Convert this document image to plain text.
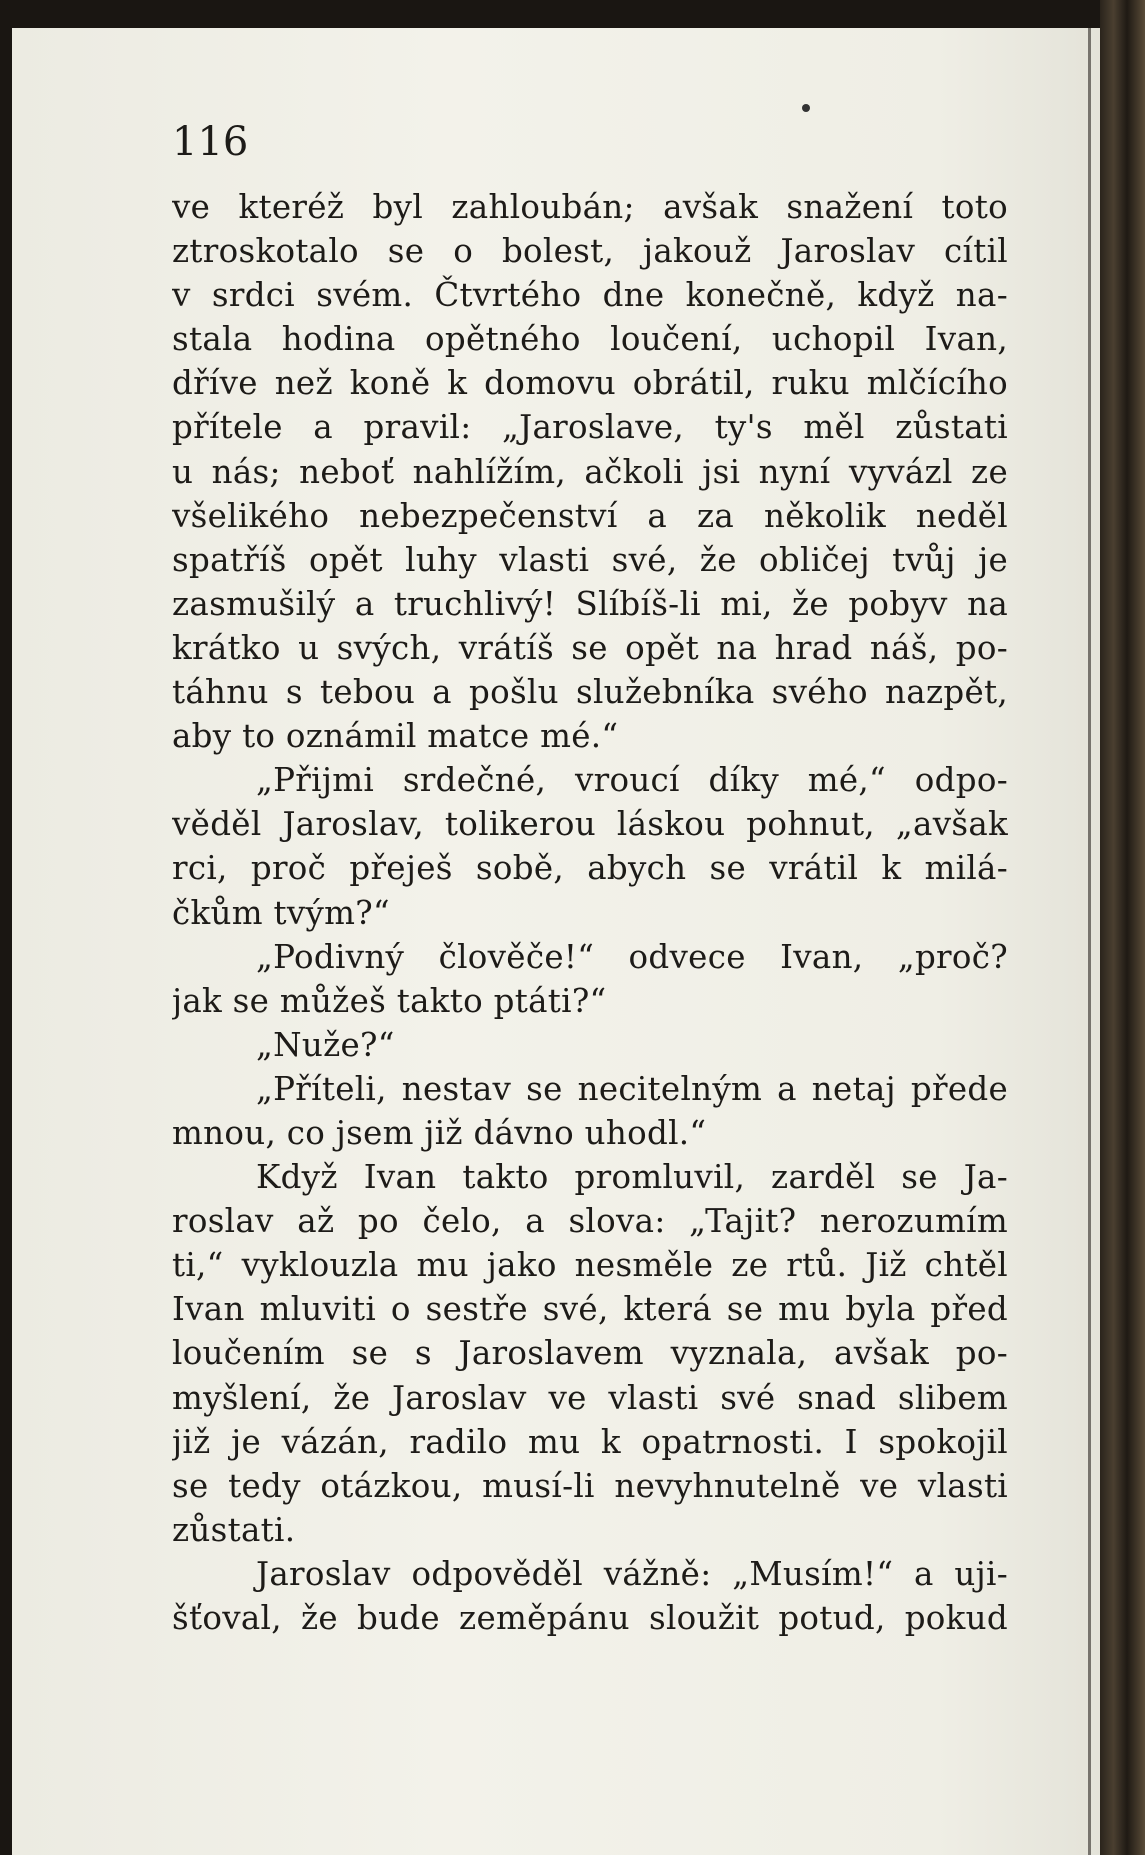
116
ve kteréž byl zahloubán; avšak snažení toto
ztroskotalo se o bolest, jakouž Jaroslav cítil
v srdci svém. Čtvrtého dne konečně, když na-
stala hodina opětného loučení, uchopil Ivan,
dříve než koně k domovu obrátil, ruku mlčícího
přítele a pravil: „Jaroslave, ty's měl zůstati
u nás; neboť nahlížím, ačkoli jsi nyní vyvázl ze
všelikého nebezpečenství a za několik neděl
spatříš opět luhy vlasti své, že obličej tvůj je
zasmušilý a truchlivý! Slíbíš-li mi, že pobyv na
krátko u svých, vrátíš se opět na hrad náš, po-
táhnu s tebou a pošlu služebníka svého nazpět,
aby to oznámil matce mé.“
„Přijmi srdečné, vroucí díky mé,“ odpo-
věděl Jaroslav, tolikerou láskou pohnut, „avšak
rci, proč přeješ sobě, abych se vrátil k milá-
čkům tvým?“
„Podivný člověče!“ odvece Ivan, „proč?
jak se můžeš takto ptáti?“
„Nuže?“
„Příteli, nestav se necitelným a netaj přede
mnou, co jsem již dávno uhodl.“
Když Ivan takto promluvil, zarděl se Ja-
roslav až po čelo, a slova: „Tajit? nerozumím
ti,“ vyklouzla mu jako nesměle ze rtů. Již chtěl
Ivan mluviti o sestře své, která se mu byla před
loučením se s Jaroslavem vyznala, avšak po-
myšlení, že Jaroslav ve vlasti své snad slibem
již je vázán, radilo mu k opatrnosti. I spokojil
se tedy otázkou, musí-li nevyhnutelně ve vlasti
zůstati.
Jaroslav odpověděl vážně: „Musím!“ a uji-
šťoval, že bude zeměpánu sloužit potud, pokud
